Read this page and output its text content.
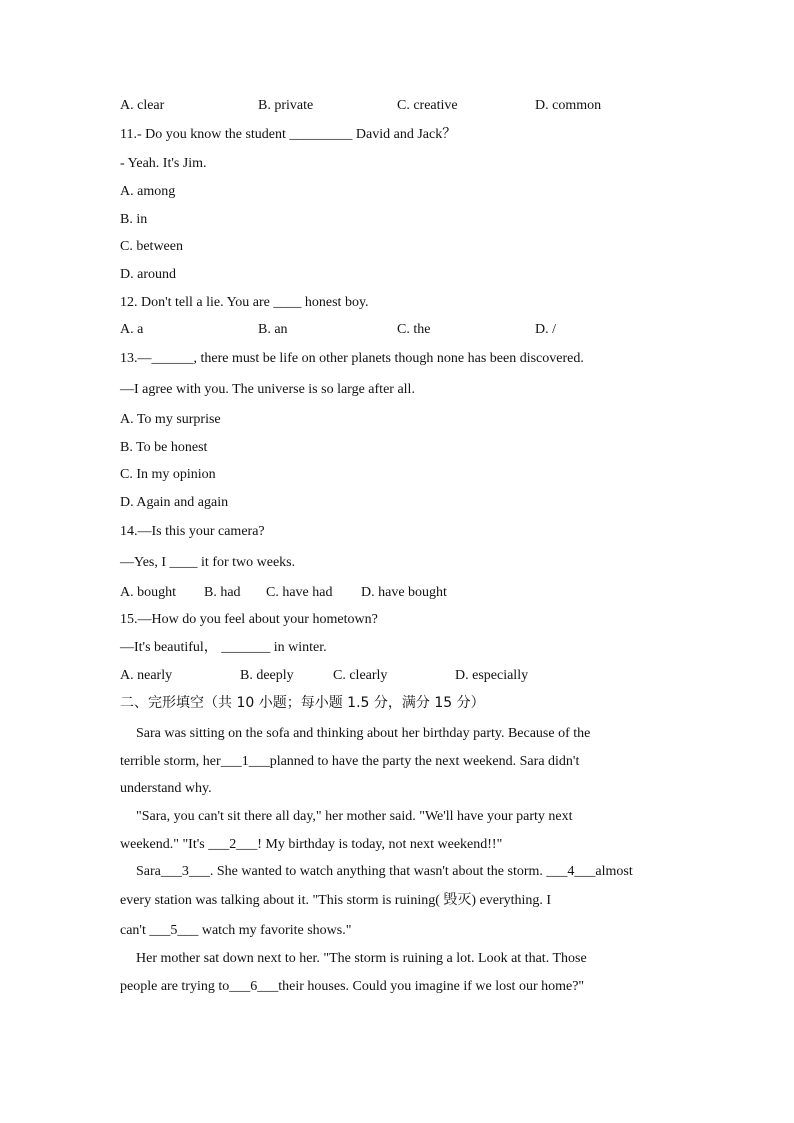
A. clear	B. private	C. creative	D. common
11.- Do you know the student _________ David and Jack？
- Yeah. It's Jim.
A. among
B. in
C. between
D. around
12. Don't tell a lie. You are ____ honest boy.
A. a	B. an	C. the	D. /
13.—______, there must be life on other planets though none has been discovered.
—I agree with you. The universe is so large after all.
A. To my surprise
B. To be honest
C. In my opinion
D. Again and again
14.—Is this your camera?
—Yes, I ____ it for two weeks.
A. bought B. had C. have had D. have bought
15.—How do you feel about your hometown?
—It's beautiful， _______ in winter.
A. nearly	B. deeply	C. clearly	D. especially
二、完形填空（共 10 小题；每小题 1.5 分，满分 15 分）
Sara was sitting on the sofa and thinking about her birthday party. Because of the
terrible storm, her___1___planned to have the party the next weekend. Sara didn't
understand why.
"Sara, you can't sit there all day," her mother said. "We'll have your party next
weekend." "It's ___2___! My birthday is today, not next weekend!!"
Sara___3___. She wanted to watch anything that wasn't about the storm. ___4___almost
every station was talking about it. "This storm is ruining( 毁灭) everything. I
can't ___5___ watch my favorite shows."
Her mother sat down next to her. "The storm is ruining a lot. Look at that. Those
people are trying to___6___their houses. Could you imagine if we lost our home?"
